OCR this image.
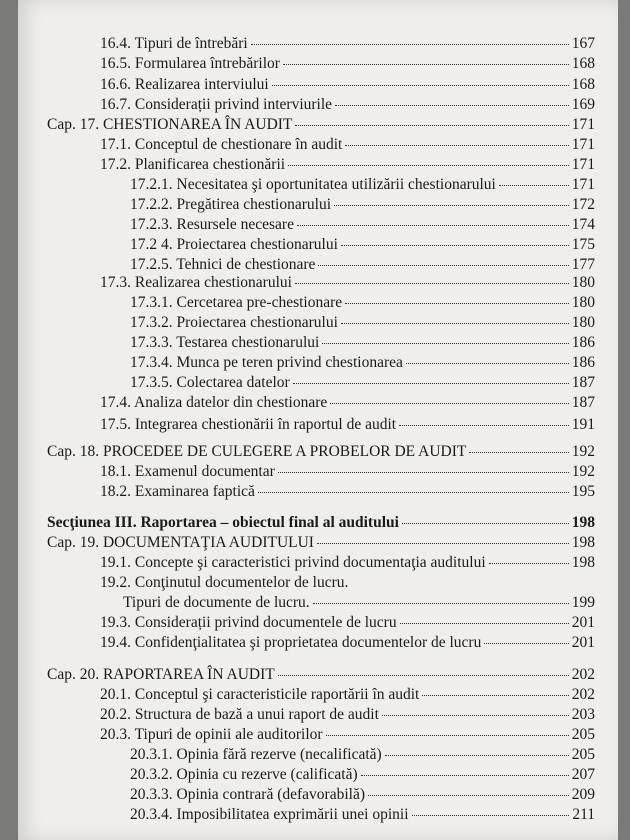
16.4. Tipuri de întrebări	167
16.5. Formularea întrebărilor	168
16.6. Realizarea interviului	168
16.7. Considerații privind interviurile	169
Cap. 17. CHESTIONAREA ÎN AUDIT	171
17.1. Conceptul de chestionare în audit	171
17.2. Planificarea chestionării	171
17.2.1. Necesitatea şi oportunitatea utilizării chestionarului	171
17.2.2. Pregătirea chestionarului	172
17.2.3. Resursele necesare	174
17.2 4. Proiectarea chestionarului	175
17.2.5. Tehnici de chestionare	177
17.3. Realizarea chestionarului	180
17.3.1. Cercetarea pre-chestionare	180
17.3.2. Proiectarea chestionarului	180
17.3.3. Testarea chestionarului	186
17.3.4. Munca pe teren privind chestionarea	186
17.3.5. Colectarea datelor	187
17.4. Analiza datelor din chestionare	187
17.5. Integrarea chestionării în raportul de audit	191
Cap. 18. PROCEDEE DE CULEGERE A PROBELOR DE AUDIT	192
18.1. Examenul documentar	192
18.2. Examinarea faptică	195
Secţiunea III. Raportarea – obiectul final al auditului	198
Cap. 19. DOCUMENTAŢIA AUDITULUI	198
19.1. Concepte şi caracteristici privind documentaţia auditului	198
19.2. Conţinutul documentelor de lucru.
Tipuri de documente de lucru.	199
19.3. Considerații privind documentele de lucru	201
19.4. Confidenţialitatea şi proprietatea documentelor de lucru	201
Cap. 20. RAPORTAREA ÎN AUDIT	202
20.1. Conceptul şi caracteristicile raportării în audit	202
20.2. Structura de bază a unui raport de audit	203
20.3. Tipuri de opinii ale auditorilor	205
20.3.1. Opinia fără rezerve (necalificată)	205
20.3.2. Opinia cu rezerve (calificată)	207
20.3.3. Opinia contrară (defavorabilă)	209
20.3.4. Imposibilitatea exprimării unei opinii	211
